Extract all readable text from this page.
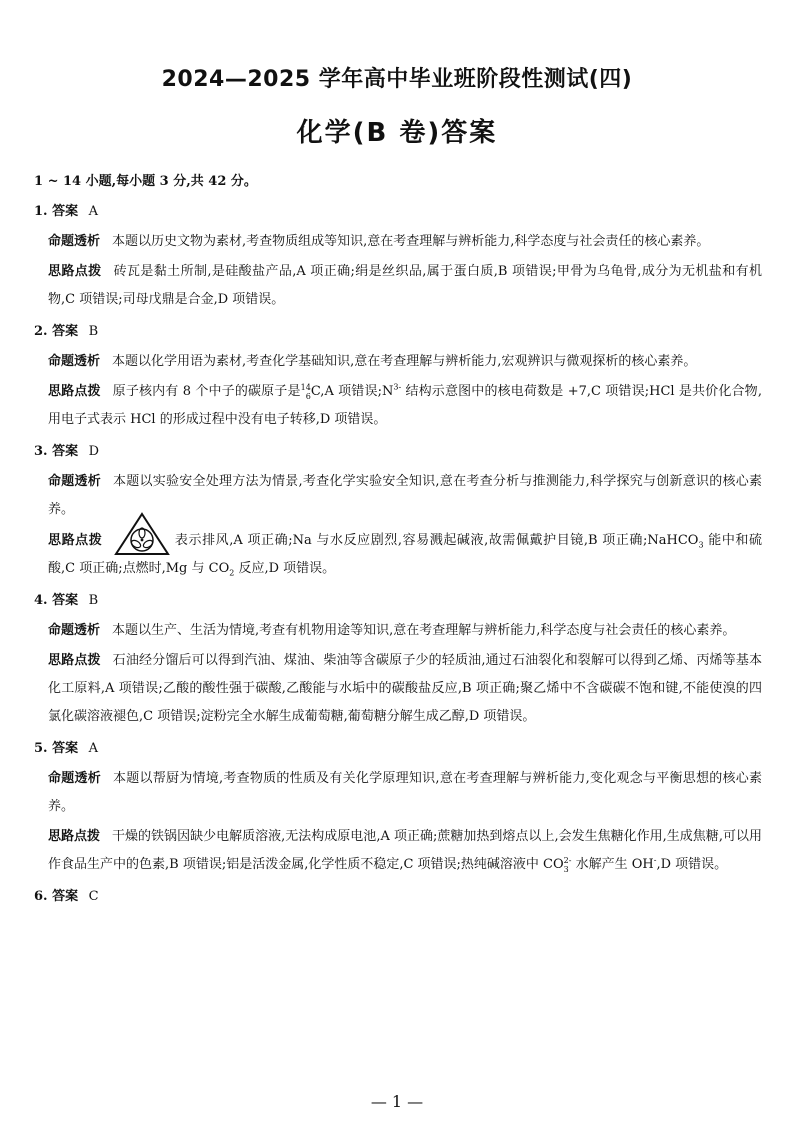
2024—2025 学年高中毕业班阶段性测试(四)
化学(B 卷)答案
1 ~ 14 小题,每小题 3 分,共 42 分。
1. 答案 A
命题透析 本题以历史文物为素材,考查物质组成等知识,意在考查理解与辨析能力,科学态度与社会责任的核心素养。
思路点拨 砖瓦是黏土所制,是硅酸盐产品,A 项正确;绢是丝织品,属于蛋白质,B 项错误;甲骨为乌龟骨,成分为无机盐和有机物,C 项错误;司母戊鼎是合金,D 项错误。
2. 答案 B
命题透析 本题以化学用语为素材,考查化学基础知识,意在考查理解与辨析能力,宏观辨识与微观探析的核心素养。
思路点拨 原子核内有 8 个中子的碳原子是 14
6 C,A 项错误$;N^{3-}$ 结构示意图中的核电荷数是 +7,C 项错误;HCl 是共价化合物,用电子式表示 HCl 的形成过程中没有电子转移,D 项错误。
3. 答案 D
命题透析 本题以实验安全处理方法为情景,考查化学实验安全知识,意在考查分析与推测能力,科学探究与创新意识的核心素养。
思路点拨	表示排风,A 项正确;Na 与水反应剧烈,容易溅起碱液,故需佩戴护目镜,B 项正确;NaHCO$_3$ 能中和硫酸,C 项正确;点燃时,Mg 与 $CO_2$ 反应,D 项错误。
4. 答案 B
命题透析 本题以生产、生活为情境,考查有机物用途等知识,意在考查理解与辨析能力,科学态度与社会责任的核心素养。
思路点拨 石油经分馏后可以得到汽油、煤油、柴油等含碳原子少的轻质油,通过石油裂化和裂解可以得到乙烯、丙烯等基本化工原料,A 项错误;乙酸的酸性强于碳酸,乙酸能与水垢中的碳酸盐反应,B 项正确;聚乙烯中不含碳碳不饱和键,不能使溴的四氯化碳溶液褪色,C 项错误;淀粉完全水解生成葡萄糖,葡萄糖分解生成乙醇,D 项错误。
5. 答案 A
命题透析 本题以帮厨为情境,考查物质的性质及有关化学原理知识,意在考查理解与辨析能力,变化观念与平衡思想的核心素养。
思路点拨 干燥的铁锅因缺少电解质溶液,无法构成原电池,A 项正确;蔗糖加热到熔点以上,会发生焦糖化作用,生成焦糖,可以用作食品生产中的色素,B 项错误;铝是活泼金属,化学性质不稳定,C 项错误;热纯碱溶液中 CO 2-
3 水解产生 OH-,D 项错误。
6. 答案 C
— 1 —
